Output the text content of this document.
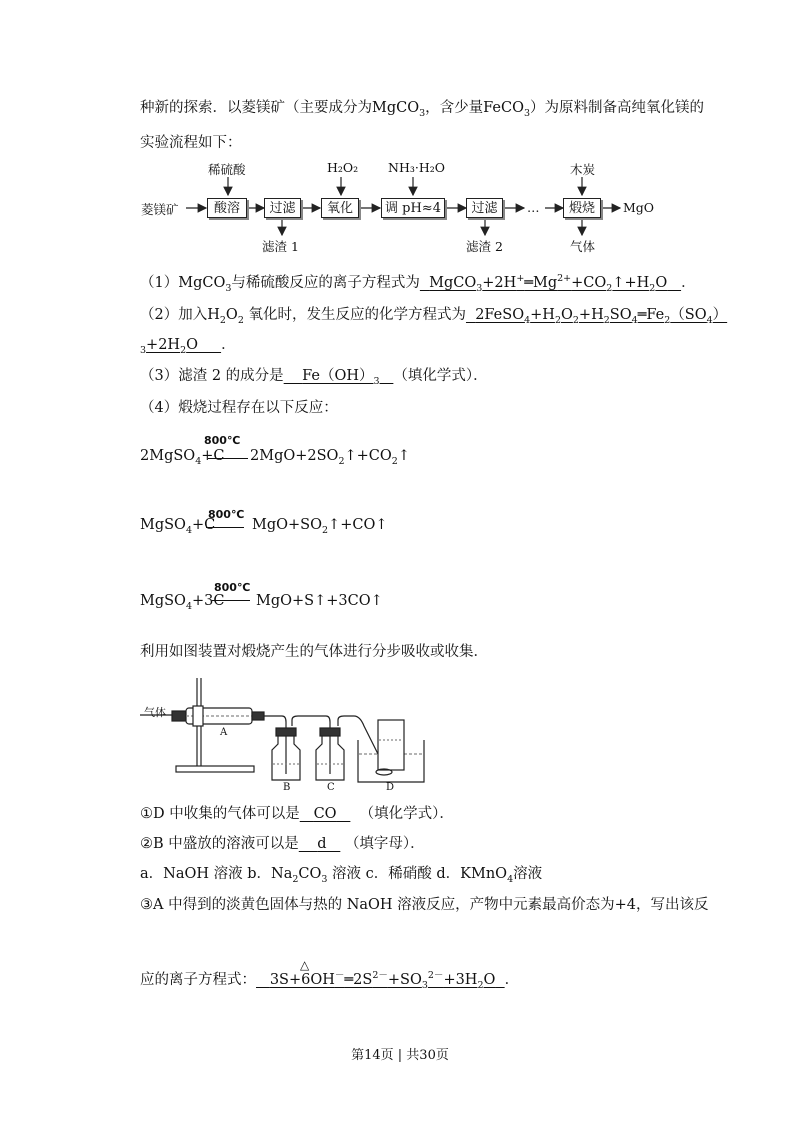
种新的探索．以菱镁矿（主要成分为MgCO$_3$，含少量FeCO$_3$）为原料制备高纯氧化镁的
实验流程如下：
菱镁矿	酸溶	过滤	氧化	调 pH≈4	过滤	…	煅烧	MgO
稀硫酸	H₂O₂ NH₃·H₂O	木炭
滤渣 1	滤渣 2	气体
（1）MgCO$_3$与稀硫酸反应的离子方程式为 $MgCO_3+2H^+═Mg^{2+}+CO_2↑+H_2O$ ．
（2）加入$H_2O_2$ 氧化时，发生反应的化学方程式为 $2FeSO_4+H_2O_2+H_2SO_4═Fe_2(SO_4)$
$_3+2H_2O$ ．
（3）滤渣 2 的成分是 $Fe(OH)_3$ （填化学式）．
（4）煅烧过程存在以下反应：
800℃
2MgSO$_4$+C $2MgO+2SO_2↑+CO_2↑$
800℃
MgSO$_4$+C	$MgO+SO_2↑+CO↑$
800℃
MgSO$_4$+3C MgO+S↑+3CO↑
利用如图装置对煅烧产生的气体进行分步吸收或收集．
气体
A
B	C	D
①D 中收集的气体可以是 CO （填化学式）．
②B 中盛放的溶液可以是 d （填字母）．
a．NaOH 溶液 b．$Na_2CO_3$ 溶液 c．稀硝酸 d．KMnO$_4$溶液
③A 中得到的淡黄色固体与热的 NaOH 溶液反应，产物中元素最高价态为+4，写出该反
△
应的离子方程式： $3S+6OH^-═2S^{2-}+SO_3^{2-}+3H_2O$ ．
第14页 | 共30页
